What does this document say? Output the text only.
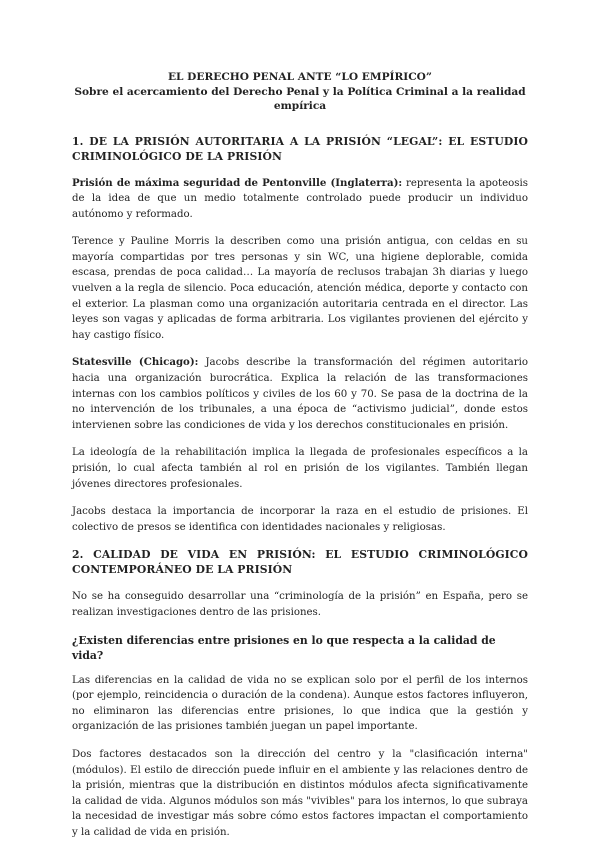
EL DERECHO PENAL ANTE “LO EMPÍRICO”
Sobre el acercamiento del Derecho Penal y la Política Criminal a la realidad
empírica
1. DE LA PRISIÓN AUTORITARIA A LA PRISIÓN “LEGAL”: EL ESTUDIO CRIMINOLÓGICO DE LA PRISIÓN

Prisión de máxima seguridad de Pentonville (Inglaterra): representa la apoteosis de la idea de que un medio totalmente controlado puede producir un individuo autónomo y reformado.

Terence y Pauline Morris la describen como una prisión antigua, con celdas en su mayoría compartidas por tres personas y sin WC, una higiene deplorable, comida escasa, prendas de poca calidad… La mayoría de reclusos trabajan 3h diarias y luego vuelven a la regla de silencio. Poca educación, atención médica, deporte y contacto con el exterior. La plasman como una organización autoritaria centrada en el director. Las leyes son vagas y aplicadas de forma arbitraria. Los vigilantes provienen del ejército y hay castigo físico.

Statesville (Chicago): Jacobs describe la transformación del régimen autoritario hacia una organización burocrática. Explica la relación de las transformaciones internas con los cambios políticos y civiles de los 60 y 70. Se pasa de la doctrina de la no intervención de los tribunales, a una época de “activismo judicial”, donde estos intervienen sobre las condiciones de vida y los derechos constitucionales en prisión.

La ideología de la rehabilitación implica la llegada de profesionales específicos a la prisión, lo cual afecta también al rol en prisión de los vigilantes. También llegan jóvenes directores profesionales.

Jacobs destaca la importancia de incorporar la raza en el estudio de prisiones. El colectivo de presos se identifica con identidades nacionales y religiosas.

2. CALIDAD DE VIDA EN PRISIÓN: EL ESTUDIO CRIMINOLÓGICO CONTEMPORÁNEO DE LA PRISIÓN

No se ha conseguido desarrollar una “criminología de la prisión” en España, pero se realizan investigaciones dentro de las prisiones.

¿Existen diferencias entre prisiones en lo que respecta a la calidad de vida?

Las diferencias en la calidad de vida no se explican solo por el perfil de los internos (por ejemplo, reincidencia o duración de la condena). Aunque estos factores influyeron, no eliminaron las diferencias entre prisiones, lo que indica que la gestión y organización de las prisiones también juegan un papel importante.

Dos factores destacados son la dirección del centro y la "clasificación interna" (módulos). El estilo de dirección puede influir en el ambiente y las relaciones dentro de la prisión, mientras que la distribución en distintos módulos afecta significativamente la calidad de vida. Algunos módulos son más "vivibles" para los internos, lo que subraya la necesidad de investigar más sobre cómo estos factores impactan el comportamiento y la calidad de vida en prisión.
